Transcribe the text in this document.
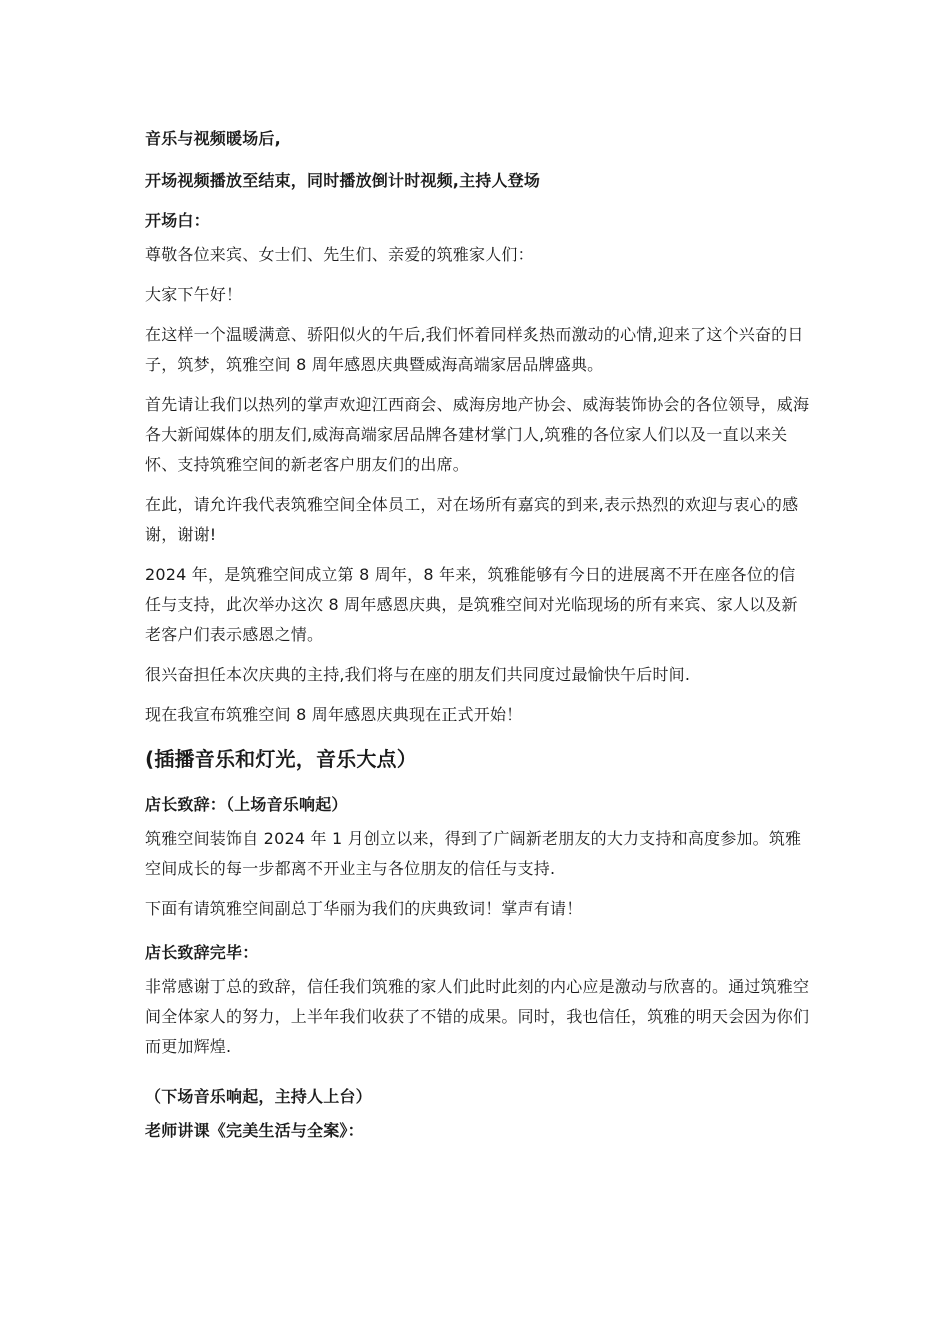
音乐与视频暖场后,

开场视频播放至结束，同时播放倒计时视频,主持人登场

开场白：

尊敬各位来宾、女士们、先生们、亲爱的筑雅家人们：

大家下午好！

在这样一个温暖满意、骄阳似火的午后,我们怀着同样炙热而激动的心情,迎来了这个兴奋的日子，筑梦，筑雅空间 8 周年感恩庆典暨威海高端家居品牌盛典。

首先请让我们以热列的掌声欢迎江西商会、威海房地产协会、威海装饰协会的各位领导，威海各大新闻媒体的朋友们,威海高端家居品牌各建材掌门人,筑雅的各位家人们以及一直以来关怀、支持筑雅空间的新老客户朋友们的出席。

在此，请允许我代表筑雅空间全体员工，对在场所有嘉宾的到来,表示热烈的欢迎与衷心的感谢，谢谢!

2024 年，是筑雅空间成立第 8 周年，8 年来，筑雅能够有今日的进展离不开在座各位的信任与支持，此次举办这次 8 周年感恩庆典，是筑雅空间对光临现场的所有来宾、家人以及新老客户们表示感恩之情。

很兴奋担任本次庆典的主持,我们将与在座的朋友们共同度过最愉快午后时间.

现在我宣布筑雅空间 8 周年感恩庆典现在正式开始！

(插播音乐和灯光，音乐大点）

店长致辞：（上场音乐响起）

筑雅空间装饰自 2024 年 1 月创立以来，得到了广阔新老朋友的大力支持和高度参加。筑雅空间成长的每一步都离不开业主与各位朋友的信任与支持.

下面有请筑雅空间副总丁华丽为我们的庆典致词！掌声有请！

店长致辞完毕：

非常感谢丁总的致辞，信任我们筑雅的家人们此时此刻的内心应是激动与欣喜的。通过筑雅空间全体家人的努力，上半年我们收获了不错的成果。同时，我也信任，筑雅的明天会因为你们而更加辉煌.

（下场音乐响起，主持人上台）

老师讲课《完美生活与全案》：
